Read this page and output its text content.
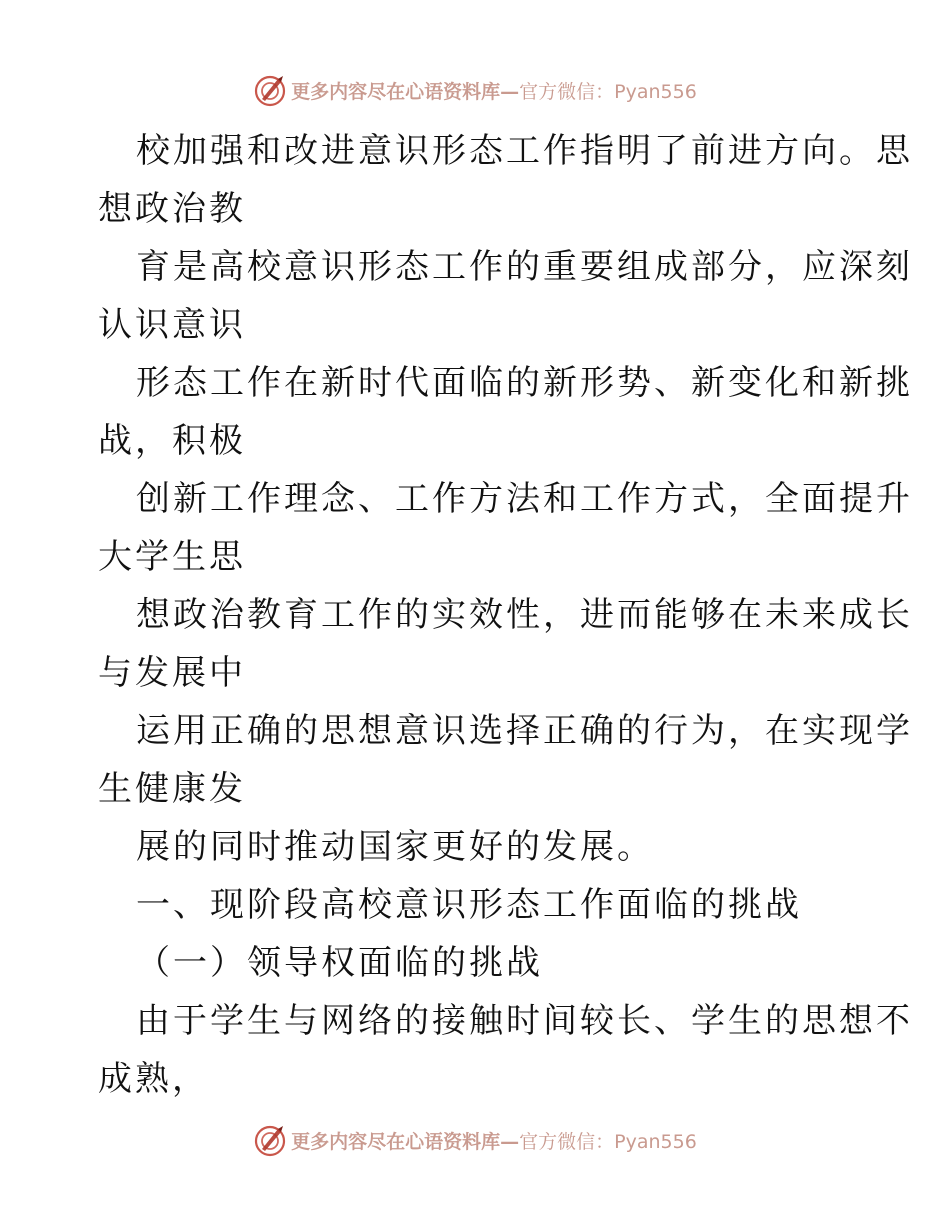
更多内容尽在心语资料库— 官方微信：Pyan556
校加强和改进意识形态工作指明了前进方向。思
想政治教
育是高校意识形态工作的重要组成部分，应深刻
认识意识
形态工作在新时代面临的新形势、新变化和新挑
战，积极
创新工作理念、工作方法和工作方式，全面提升
大学生思
想政治教育工作的实效性，进而能够在未来成长
与发展中
运用正确的思想意识选择正确的行为，在实现学
生健康发
展的同时推动国家更好的发展。
一、现阶段高校意识形态工作面临的挑战
（一）领导权面临的挑战
由于学生与网络的接触时间较长、学生的思想不
成熟，
更多内容尽在心语资料库— 官方微信：Pyan556
